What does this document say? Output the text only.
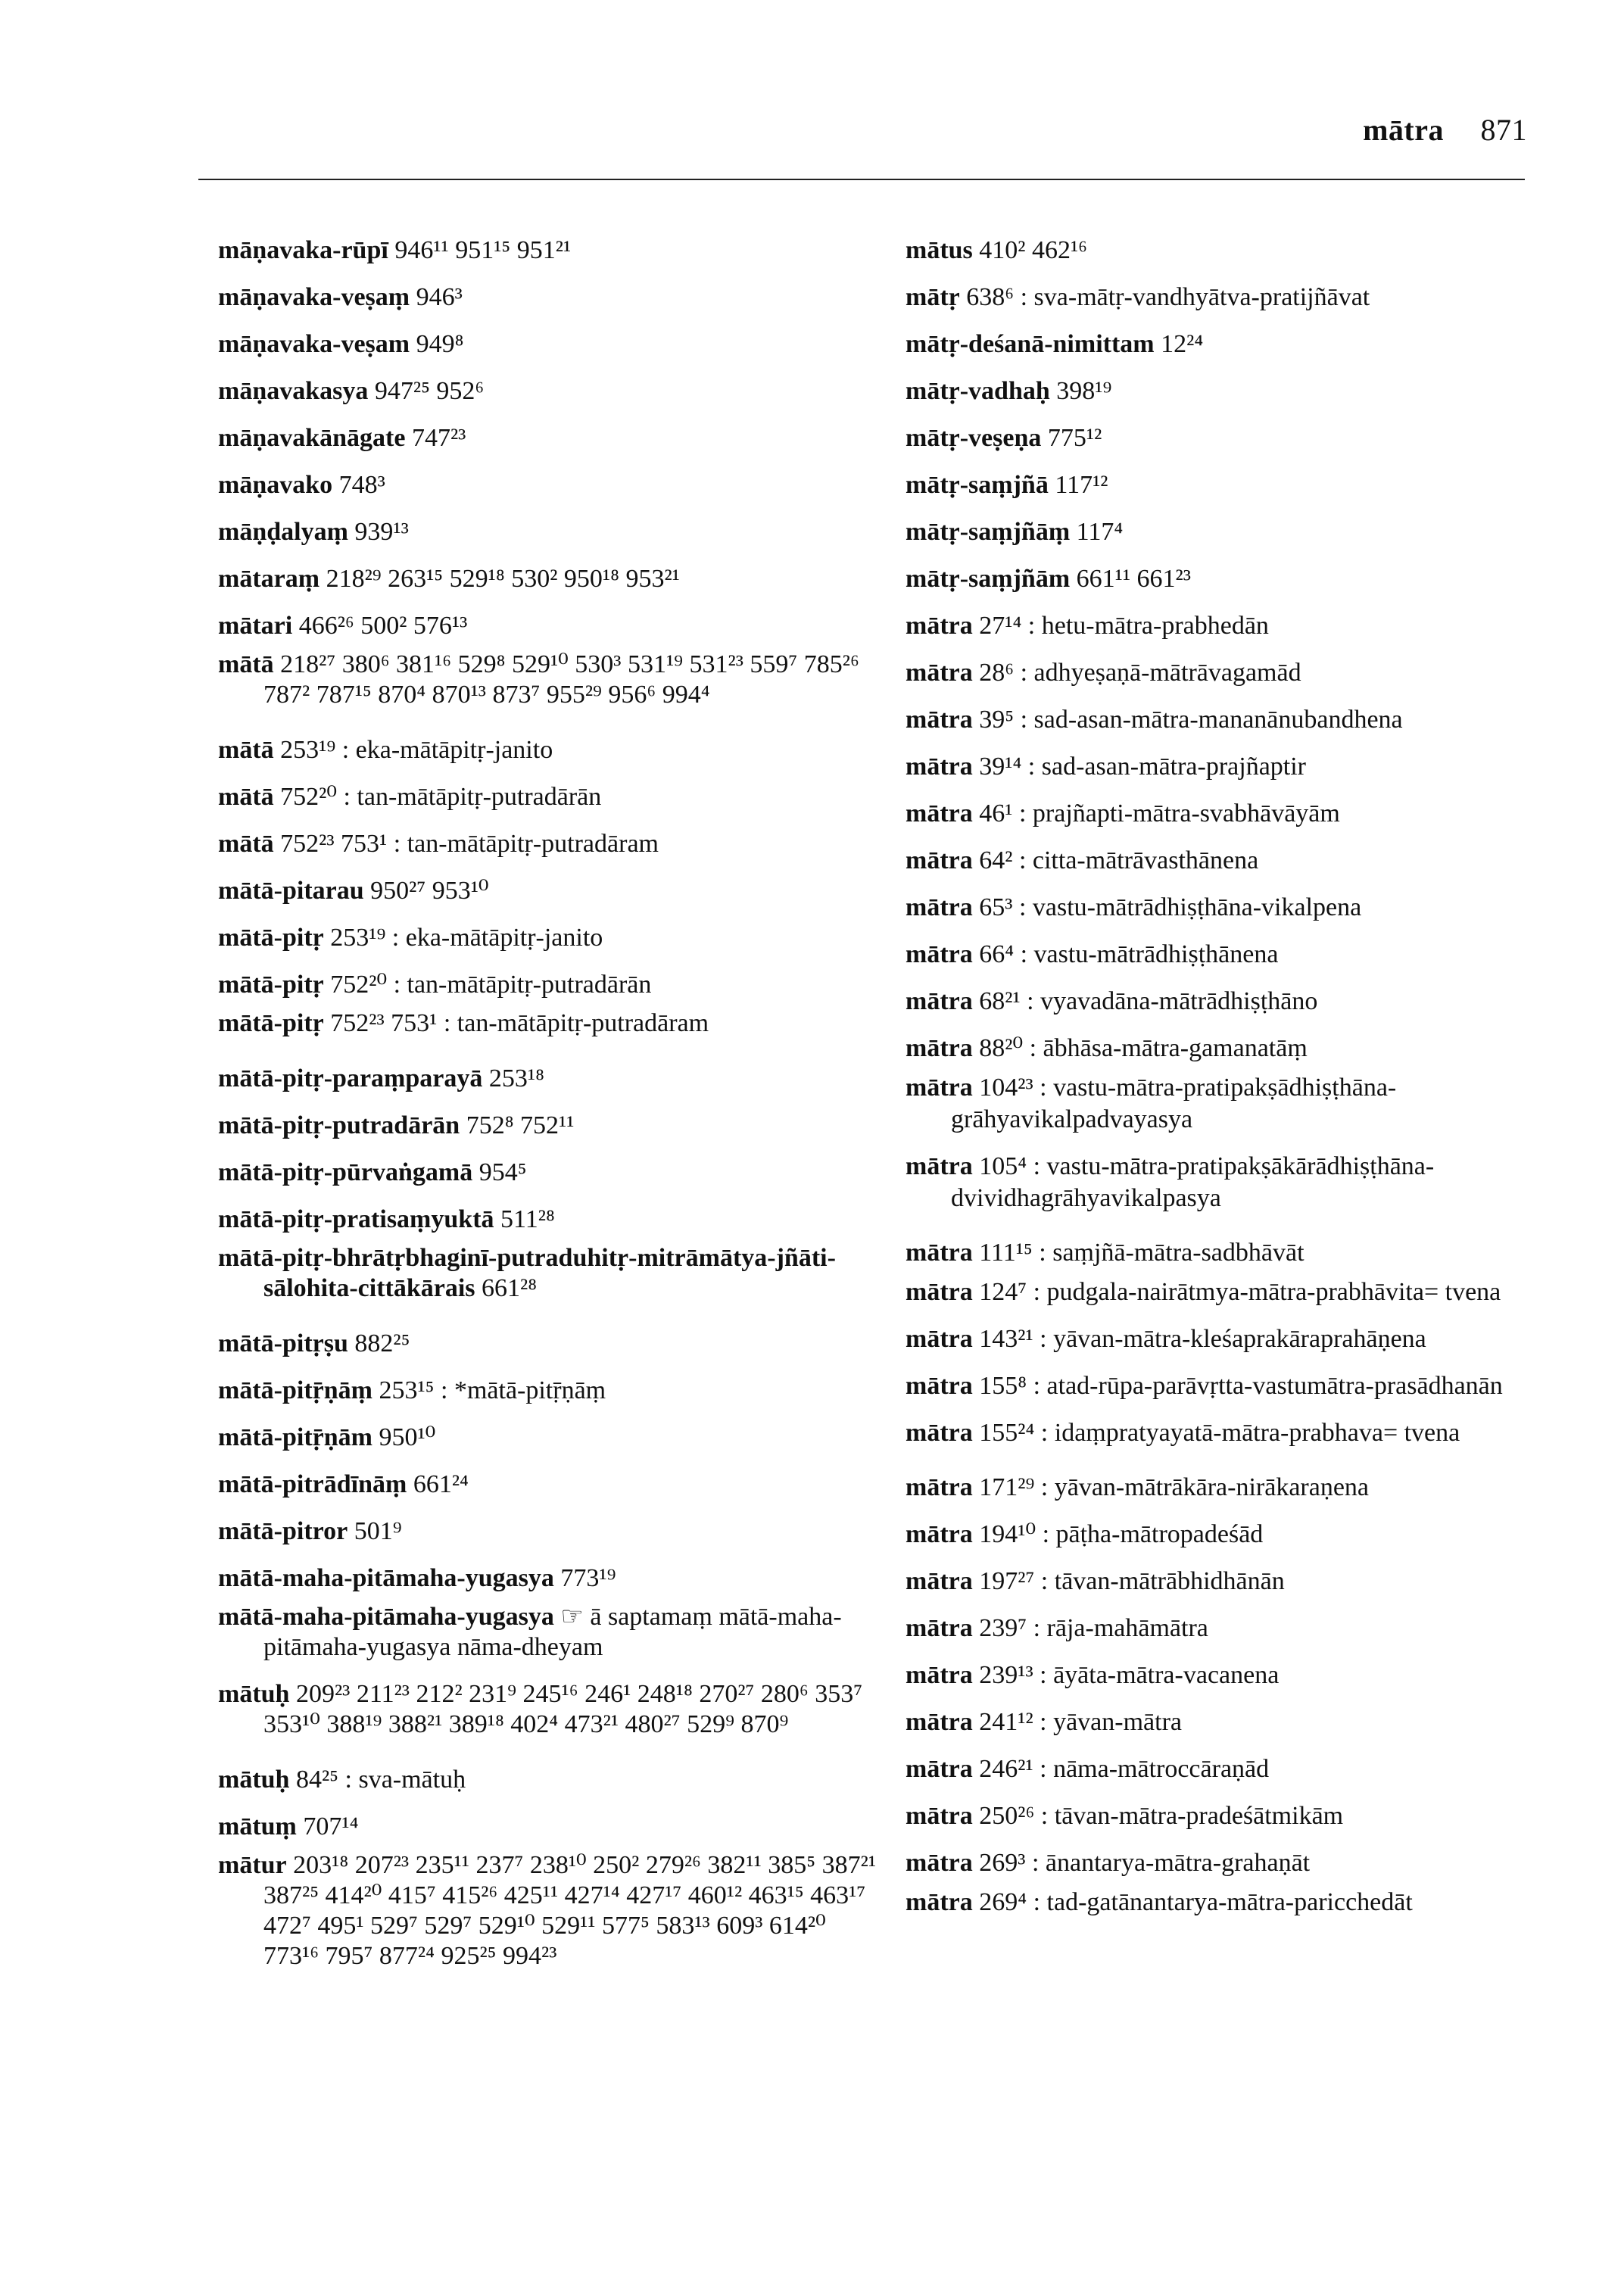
mātra 871

māṇavaka-rūpī 946¹¹ 951¹⁵ 951²¹

māṇavaka-veṣaṃ 946³

māṇavaka-veṣam 949⁸

māṇavakasya 947²⁵ 952⁶

māṇavakānāgate 747²³

māṇavako 748³

māṇḍalyaṃ 939¹³

mātaraṃ 218²⁹ 263¹⁵ 529¹⁸ 530² 950¹⁸ 953²¹

mātari 466²⁶ 500² 576¹³

mātā 218²⁷ 380⁶ 381¹⁶ 529⁸ 529¹⁰ 530³ 531¹⁹ 531²³ 559⁷ 785²⁶ 787² 787¹⁵ 870⁴ 870¹³ 873⁷ 955²⁹ 956⁶ 994⁴

mātā 253¹⁹ : eka-mātāpitṛ-janito

mātā 752²⁰ : tan-mātāpitṛ-putradārān

mātā 752²³ 753¹ : tan-mātāpitṛ-putradāram

mātā-pitarau 950²⁷ 953¹⁰

mātā-pitṛ 253¹⁹ : eka-mātāpitṛ-janito

mātā-pitṛ 752²⁰ : tan-mātāpitṛ-putradārān

mātā-pitṛ 752²³ 753¹ : tan-mātāpitṛ-putradāram

mātā-pitṛ-paraṃparayā 253¹⁸

mātā-pitṛ-putradārān 752⁸ 752¹¹

mātā-pitṛ-pūrvaṅgamā 954⁵

mātā-pitṛ-pratisaṃyuktā 511²⁸

mātā-pitṛ-bhrātṛbhaginī-putraduhitṛ-mitrāmātya-jñāti-sālohita-cittākārais 661²⁸

mātā-pitṛṣu 882²⁵

mātā-pitṝṇāṃ 253¹⁵ : *mātā-pitṝṇāṃ

mātā-pitṝṇām 950¹⁰

mātā-pitrādīnāṃ 661²⁴

mātā-pitror 501⁹

mātā-maha-pitāmaha-yugasya 773¹⁹

mātā-maha-pitāmaha-yugasya ☞ ā saptamaṃ mātā-maha-pitāmaha-yugasya nāma-dheyam

mātuḥ 209²³ 211²³ 212² 231⁹ 245¹⁶ 246¹ 248¹⁸ 270²⁷ 280⁶ 353⁷ 353¹⁰ 388¹⁹ 388²¹ 389¹⁸ 402⁴ 473²¹ 480²⁷ 529⁹ 870⁹

mātuḥ 84²⁵ : sva-mātuḥ

mātuṃ 707¹⁴

mātur 203¹⁸ 207²³ 235¹¹ 237⁷ 238¹⁰ 250² 279²⁶ 382¹¹ 385⁵ 387²¹ 387²⁵ 414²⁰ 415⁷ 415²⁶ 425¹¹ 427¹⁴ 427¹⁷ 460¹² 463¹⁵ 463¹⁷ 472⁷ 495¹ 529⁷ 529⁷ 529¹⁰ 529¹¹ 577⁵ 583¹³ 609³ 614²⁰ 773¹⁶ 795⁷ 877²⁴ 925²⁵ 994²³

mātus 410² 462¹⁶

mātṛ 638⁶ : sva-mātṛ-vandhyātva-pratijñāvat

mātṛ-deśanā-nimittam 12²⁴

mātṛ-vadhaḥ 398¹⁹

mātṛ-veṣeṇa 775¹²

mātṛ-saṃjñā 117¹²

mātṛ-saṃjñāṃ 117⁴

mātṛ-saṃjñām 661¹¹ 661²³

mātra 27¹⁴ : hetu-mātra-prabhedān

mātra 28⁶ : adhyeṣaṇā-mātrāvagamād

mātra 39⁵ : sad-asan-mātra-mananānubandhena

mātra 39¹⁴ : sad-asan-mātra-prajñaptir

mātra 46¹ : prajñapti-mātra-svabhāvāyām

mātra 64² : citta-mātrāvasthānena

mātra 65³ : vastu-mātrādhiṣṭhāna-vikalpena

mātra 66⁴ : vastu-mātrādhiṣṭhānena

mātra 68²¹ : vyavadāna-mātrādhiṣṭhāno

mātra 88²⁰ : ābhāsa-mātra-gamanatāṃ

mātra 104²³ : vastu-mātra-pratipakṣādhiṣṭhāna-grāhyavikalpadvayasya

mātra 105⁴ : vastu-mātra-pratipakṣākārādhiṣṭhāna-dvividhagrāhyavikalpasya

mātra 111¹⁵ : saṃjñā-mātra-sadbhāvāt

mātra 124⁷ : pudgala-nairātmya-mātra-prabhāvita= tvena

mātra 143²¹ : yāvan-mātra-kleśaprakāraprahāṇena

mātra 155⁸ : atad-rūpa-parāvṛtta-vastumātra-prasādhanān

mātra 155²⁴ : idaṃpratyayatā-mātra-prabhava= tvena

mātra 171²⁹ : yāvan-mātrākāra-nirākaraṇena

mātra 194¹⁰ : pāṭha-mātropadeśād

mātra 197²⁷ : tāvan-mātrābhidhānān

mātra 239⁷ : rāja-mahāmātra

mātra 239¹³ : āyāta-mātra-vacanena

mātra 241¹² : yāvan-mātra

mātra 246²¹ : nāma-mātroccāraṇād

mātra 250²⁶ : tāvan-mātra-pradeśātmikām

mātra 269³ : ānantarya-mātra-grahaṇāt

mātra 269⁴ : tad-gatānantarya-mātra-paricchedāt
